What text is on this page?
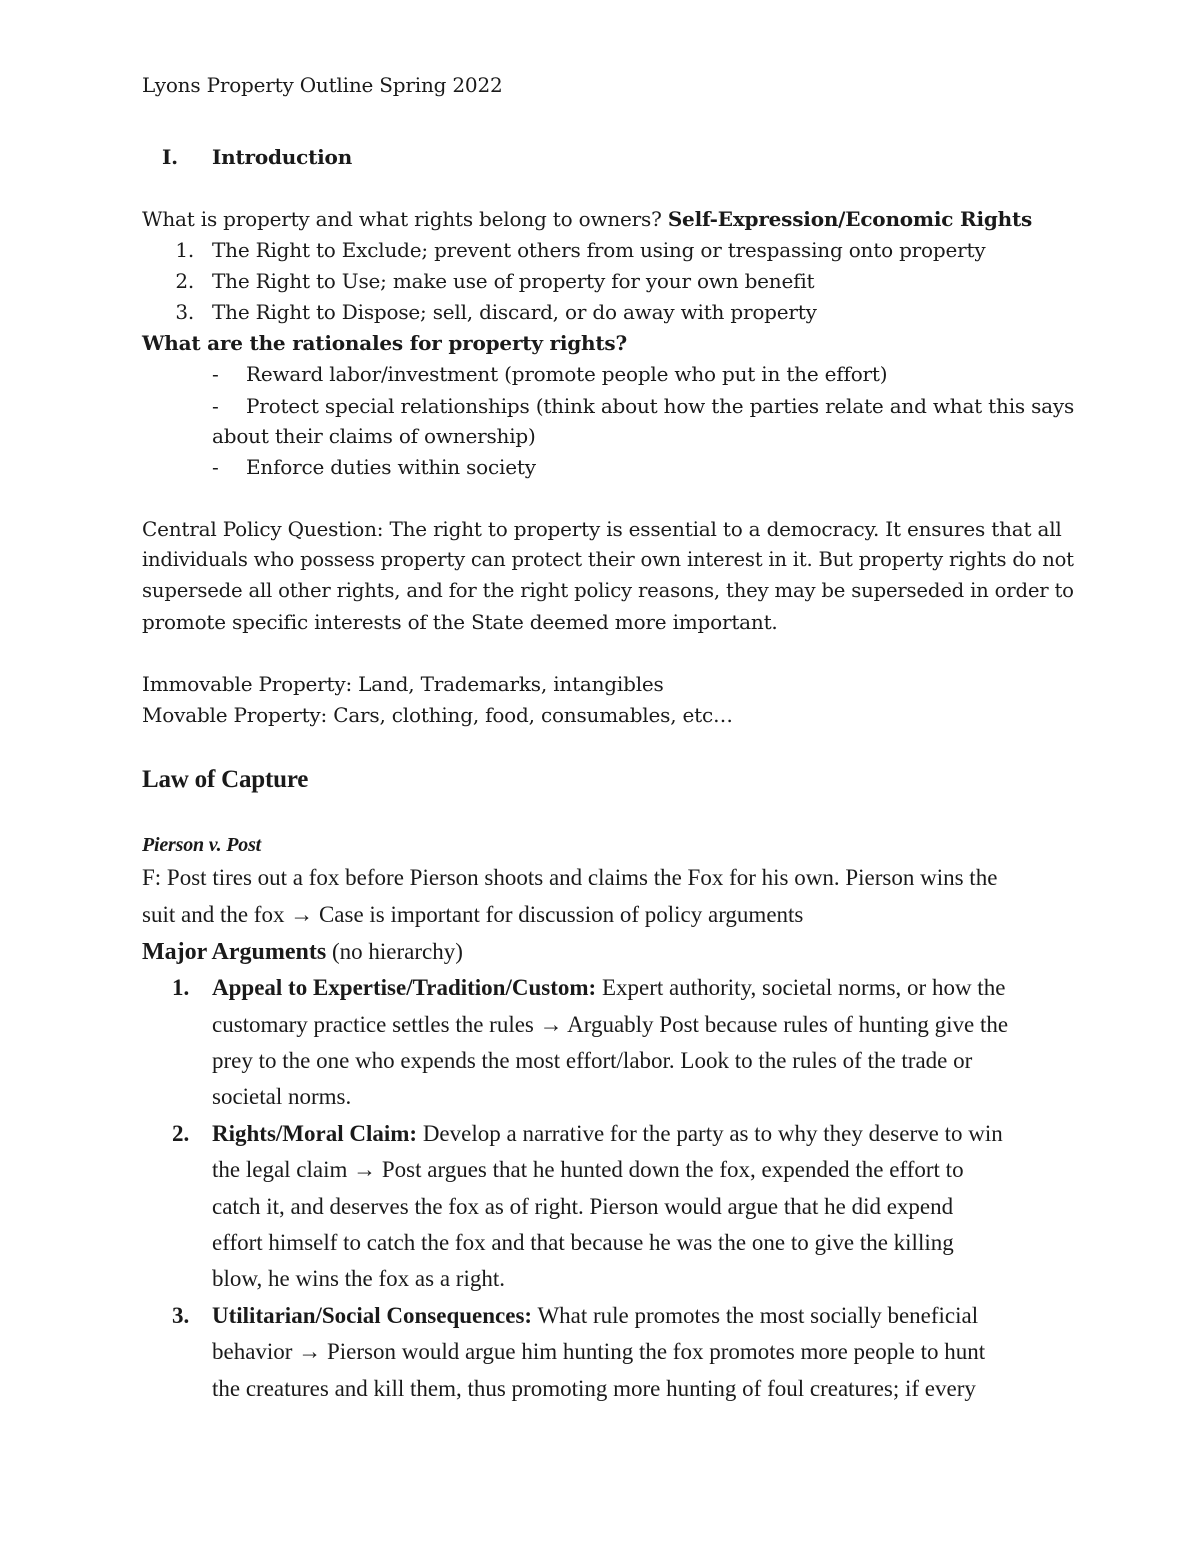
Lyons Property Outline Spring 2022
I. Introduction
What is property and what rights belong to owners? Self-Expression/Economic Rights
1. The Right to Exclude; prevent others from using or trespassing onto property
2. The Right to Use; make use of property for your own benefit
3. The Right to Dispose; sell, discard, or do away with property
What are the rationales for property rights?
- Reward labor/investment (promote people who put in the effort)
- Protect special relationships (think about how the parties relate and what this says
about their claims of ownership)
- Enforce duties within society
Central Policy Question: The right to property is essential to a democracy. It ensures that all
individuals who possess property can protect their own interest in it. But property rights do not
supersede all other rights, and for the right policy reasons, they may be superseded in order to
promote specific interests of the State deemed more important.
Immovable Property: Land, Trademarks, intangibles
Movable Property: Cars, clothing, food, consumables, etc…
Law of Capture
Pierson v. Post
F: Post tires out a fox before Pierson shoots and claims the Fox for his own. Pierson wins the
suit and the fox → Case is important for discussion of policy arguments
Major Arguments (no hierarchy)
1. Appeal to Expertise/Tradition/Custom: Expert authority, societal norms, or how the
customary practice settles the rules → Arguably Post because rules of hunting give the
prey to the one who expends the most effort/labor. Look to the rules of the trade or
societal norms.
2. Rights/Moral Claim: Develop a narrative for the party as to why they deserve to win
the legal claim → Post argues that he hunted down the fox, expended the effort to
catch it, and deserves the fox as of right. Pierson would argue that he did expend
effort himself to catch the fox and that because he was the one to give the killing
blow, he wins the fox as a right.
3. Utilitarian/Social Consequences: What rule promotes the most socially beneficial
behavior → Pierson would argue him hunting the fox promotes more people to hunt
the creatures and kill them, thus promoting more hunting of foul creatures; if every
